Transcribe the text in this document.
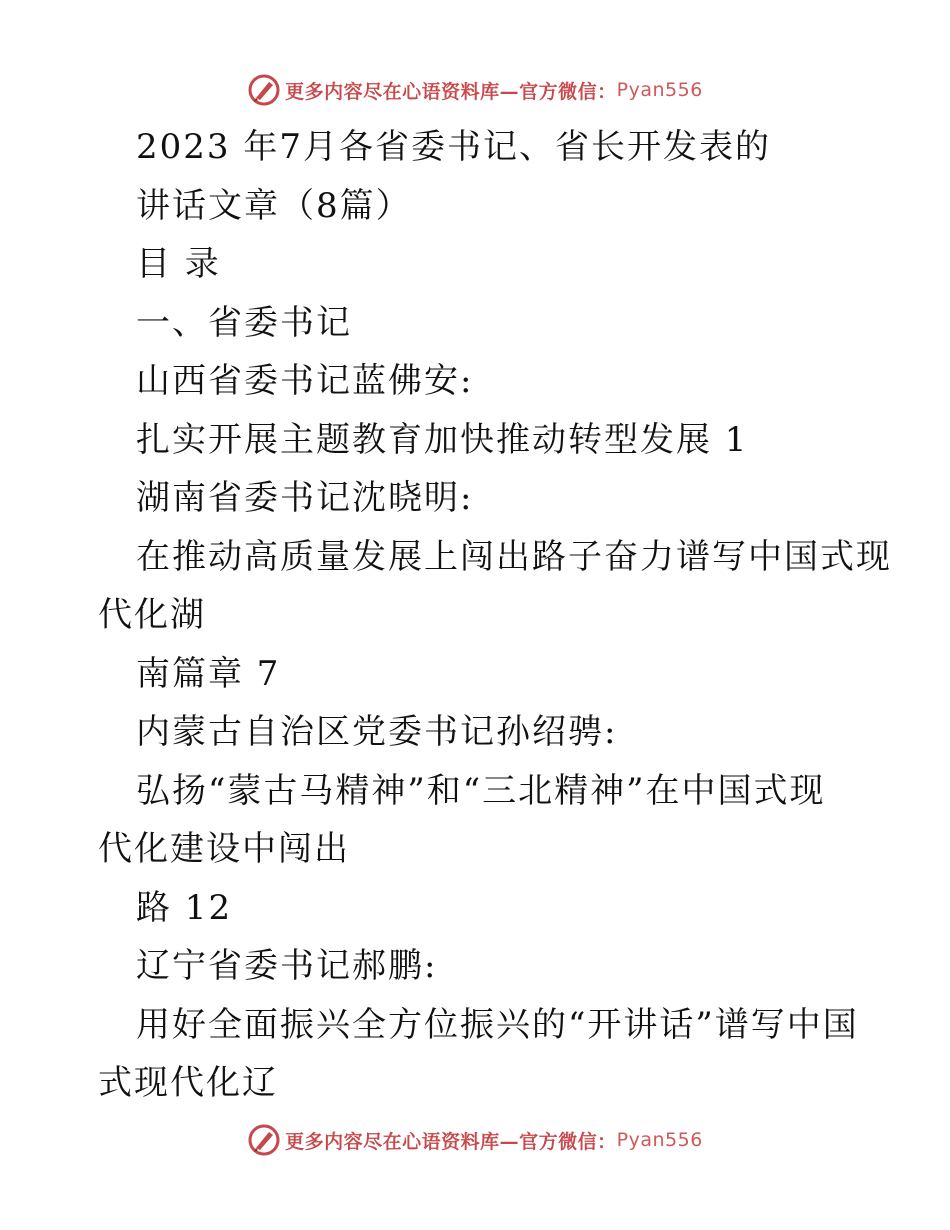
更多内容尽在心语资料库—官方微信： Pyan556
2023 年7月各省委书记、省长开发表的
讲话文章（8篇）
目 录
一、省委书记
山西省委书记蓝佛安:
扎实开展主题教育加快推动转型发展 1
湖南省委书记沈晓明:
在推动高质量发展上闯出路子奋力谱写中国式现
代化湖
南篇章 7
内蒙古自治区党委书记孙绍骋:
弘扬“蒙古马精神”和“三北精神”在中国式现
代化建设中闯出
路 12
辽宁省委书记郝鹏:
用好全面振兴全方位振兴的“开讲话”谱写中国
式现代化辽
更多内容尽在心语资料库—官方微信： Pyan556
